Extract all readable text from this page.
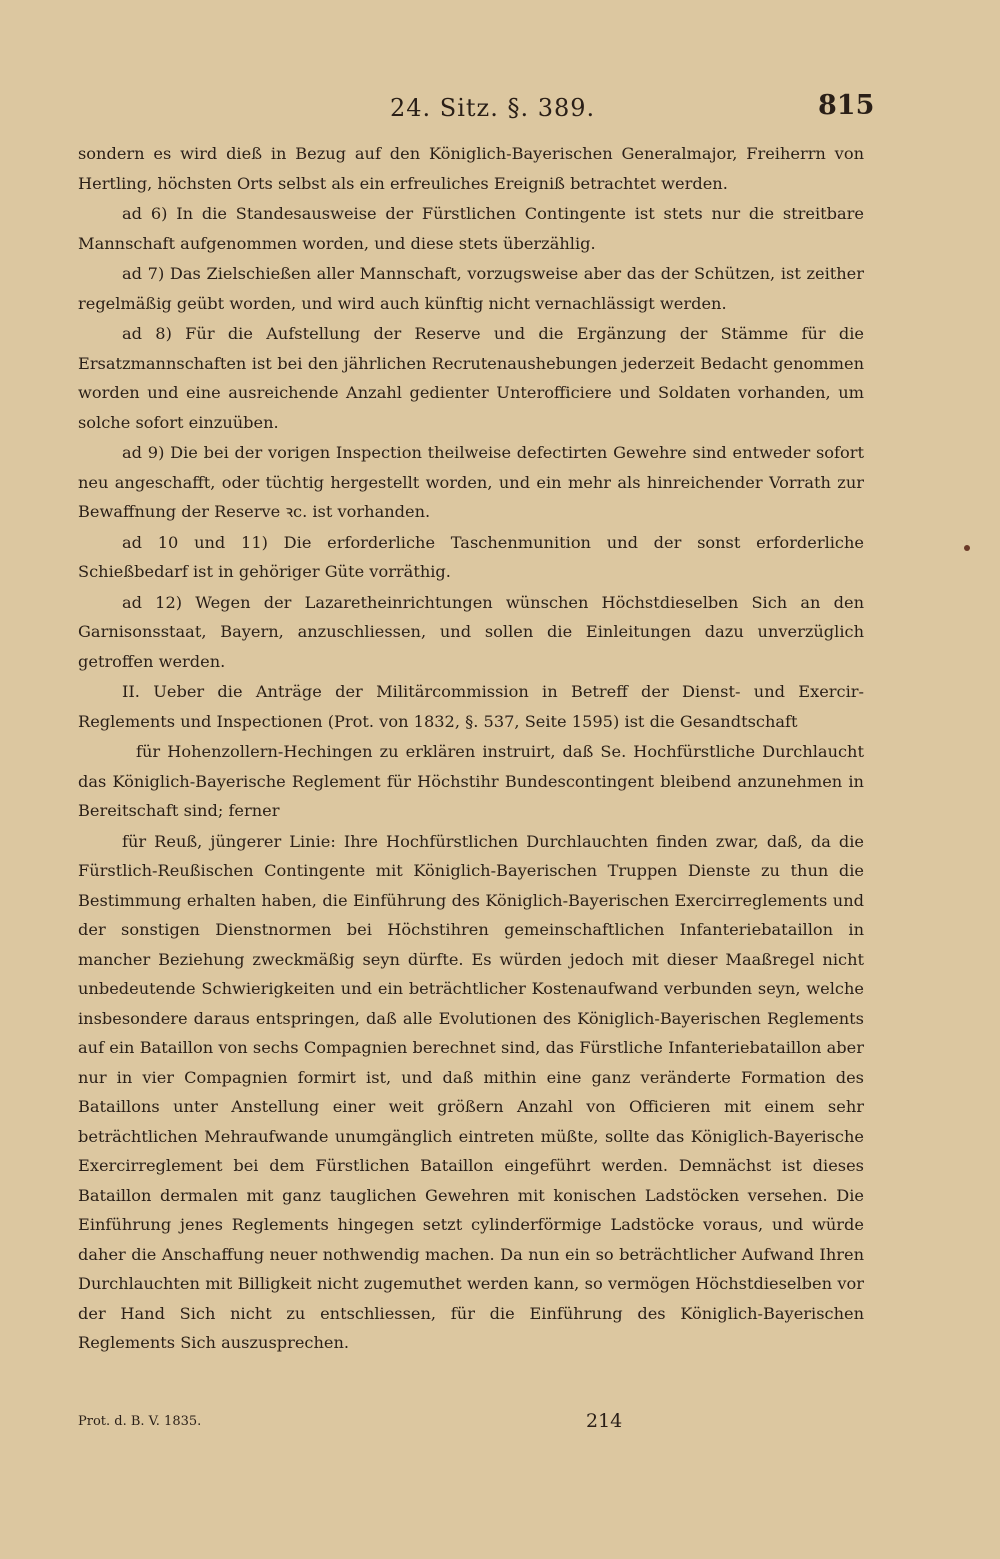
24. Sitz. §. 389.	815

sondern es wird dieß in Bezug auf den Königlich-Bayerischen Generalmajor, Freiherrn von Hertling, höchsten Orts selbst als ein erfreuliches Ereigniß betrachtet werden.

ad 6) In die Standesausweise der Fürstlichen Contingente ist stets nur die streitbare Mannschaft aufgenommen worden, und diese stets überzählig.

ad 7) Das Zielschießen aller Mannschaft, vorzugsweise aber das der Schützen, ist zeither regelmäßig geübt worden, und wird auch künftig nicht vernachlässigt werden.

ad 8) Für die Aufstellung der Reserve und die Ergänzung der Stämme für die Ersatzmannschaften ist bei den jährlichen Recrutenaushebungen jederzeit Bedacht genommen worden und eine ausreichende Anzahl gedienter Unterofficiere und Soldaten vorhanden, um solche sofort einzuüben.

ad 9) Die bei der vorigen Inspection theilweise defectirten Gewehre sind entweder sofort neu angeschafft, oder tüchtig hergestellt worden, und ein mehr als hinreichender Vorrath zur Bewaffnung der Reserve ꝛc. ist vorhanden.

ad 10 und 11) Die erforderliche Taschenmunition und der sonst erforderliche Schießbedarf ist in gehöriger Güte vorräthig.

ad 12) Wegen der Lazaretheinrichtungen wünschen Höchstdieselben Sich an den Garnisonsstaat, Bayern, anzuschliessen, und sollen die Einleitungen dazu unverzüglich getroffen werden.

II. Ueber die Anträge der Militärcommission in Betreff der Dienst- und Exercir-Reglements und Inspectionen (Prot. von 1832, §. 537, Seite 1595) ist die Gesandtschaft

für Hohenzollern-Hechingen zu erklären instruirt, daß Se. Hochfürstliche Durchlaucht das Königlich-Bayerische Reglement für Höchstihr Bundescontingent bleibend anzunehmen in Bereitschaft sind; ferner

für Reuß, jüngerer Linie: Ihre Hochfürstlichen Durchlauchten finden zwar, daß, da die Fürstlich-Reußischen Contingente mit Königlich-Bayerischen Truppen Dienste zu thun die Bestimmung erhalten haben, die Einführung des Königlich-Bayerischen Exercirreglements und der sonstigen Dienstnormen bei Höchstihren gemeinschaftlichen Infanteriebataillon in mancher Beziehung zweckmäßig seyn dürfte. Es würden jedoch mit dieser Maaßregel nicht unbedeutende Schwierigkeiten und ein beträchtlicher Kostenaufwand verbunden seyn, welche insbesondere daraus entspringen, daß alle Evolutionen des Königlich-Bayerischen Reglements auf ein Bataillon von sechs Compagnien berechnet sind, das Fürstliche Infanteriebataillon aber nur in vier Compagnien formirt ist, und daß mithin eine ganz veränderte Formation des Bataillons unter Anstellung einer weit größern Anzahl von Officieren mit einem sehr beträchtlichen Mehraufwande unumgänglich eintreten müßte, sollte das Königlich-Bayerische Exercirreglement bei dem Fürstlichen Bataillon eingeführt werden. Demnächst ist dieses Bataillon dermalen mit ganz tauglichen Gewehren mit konischen Ladstöcken versehen. Die Einführung jenes Reglements hingegen setzt cylinderförmige Ladstöcke voraus, und würde daher die Anschaffung neuer nothwendig machen. Da nun ein so beträchtlicher Aufwand Ihren Durchlauchten mit Billigkeit nicht zugemuthet werden kann, so vermögen Höchstdieselben vor der Hand Sich nicht zu entschliessen, für die Einführung des Königlich-Bayerischen Reglements Sich auszusprechen.

Prot. d. B. V. 1835.	214
